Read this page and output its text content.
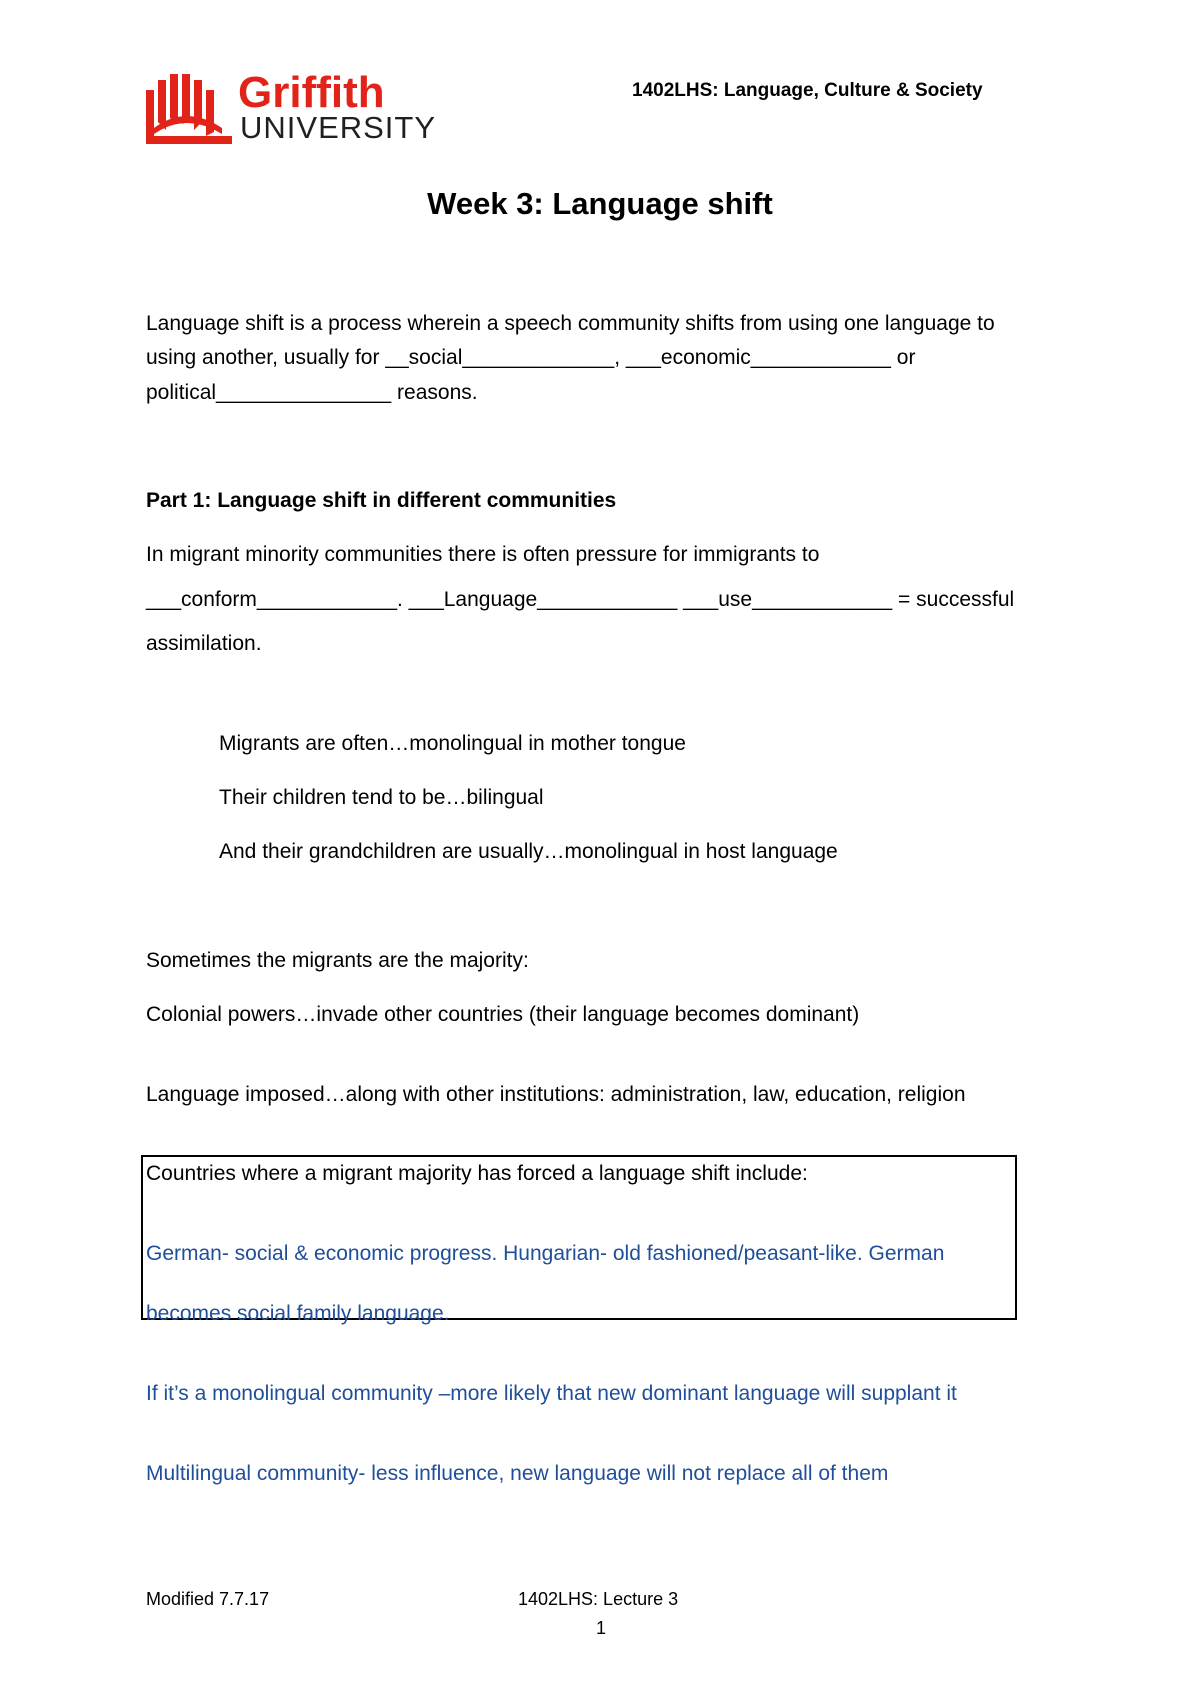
Griffith
UNIVERSITY
1402LHS: Language, Culture & Society
Week 3: Language shift
Language shift is a process wherein a speech community shifts from using one language to
using another, usually for __social_____________, ___economic____________ or
political_______________ reasons.
Part 1: Language shift in different communities
In migrant minority communities there is often pressure for immigrants to
___conform____________. ___Language____________ ___use____________ = successful
assimilation.
Migrants are often…monolingual in mother tongue
Their children tend to be…bilingual
And their grandchildren are usually…monolingual in host language
Sometimes the migrants are the majority:
Colonial powers…invade other countries (their language becomes dominant)
Language imposed…along with other institutions: administration, law, education, religion
Countries where a migrant majority has forced a language shift include:
German- social & economic progress. Hungarian- old fashioned/peasant-like. German
becomes social family language.
If it’s a monolingual community –more likely that new dominant language will supplant it
Multilingual community- less influence, new language will not replace all of them
Modified 7.7.17	1402LHS: Lecture 3
1
